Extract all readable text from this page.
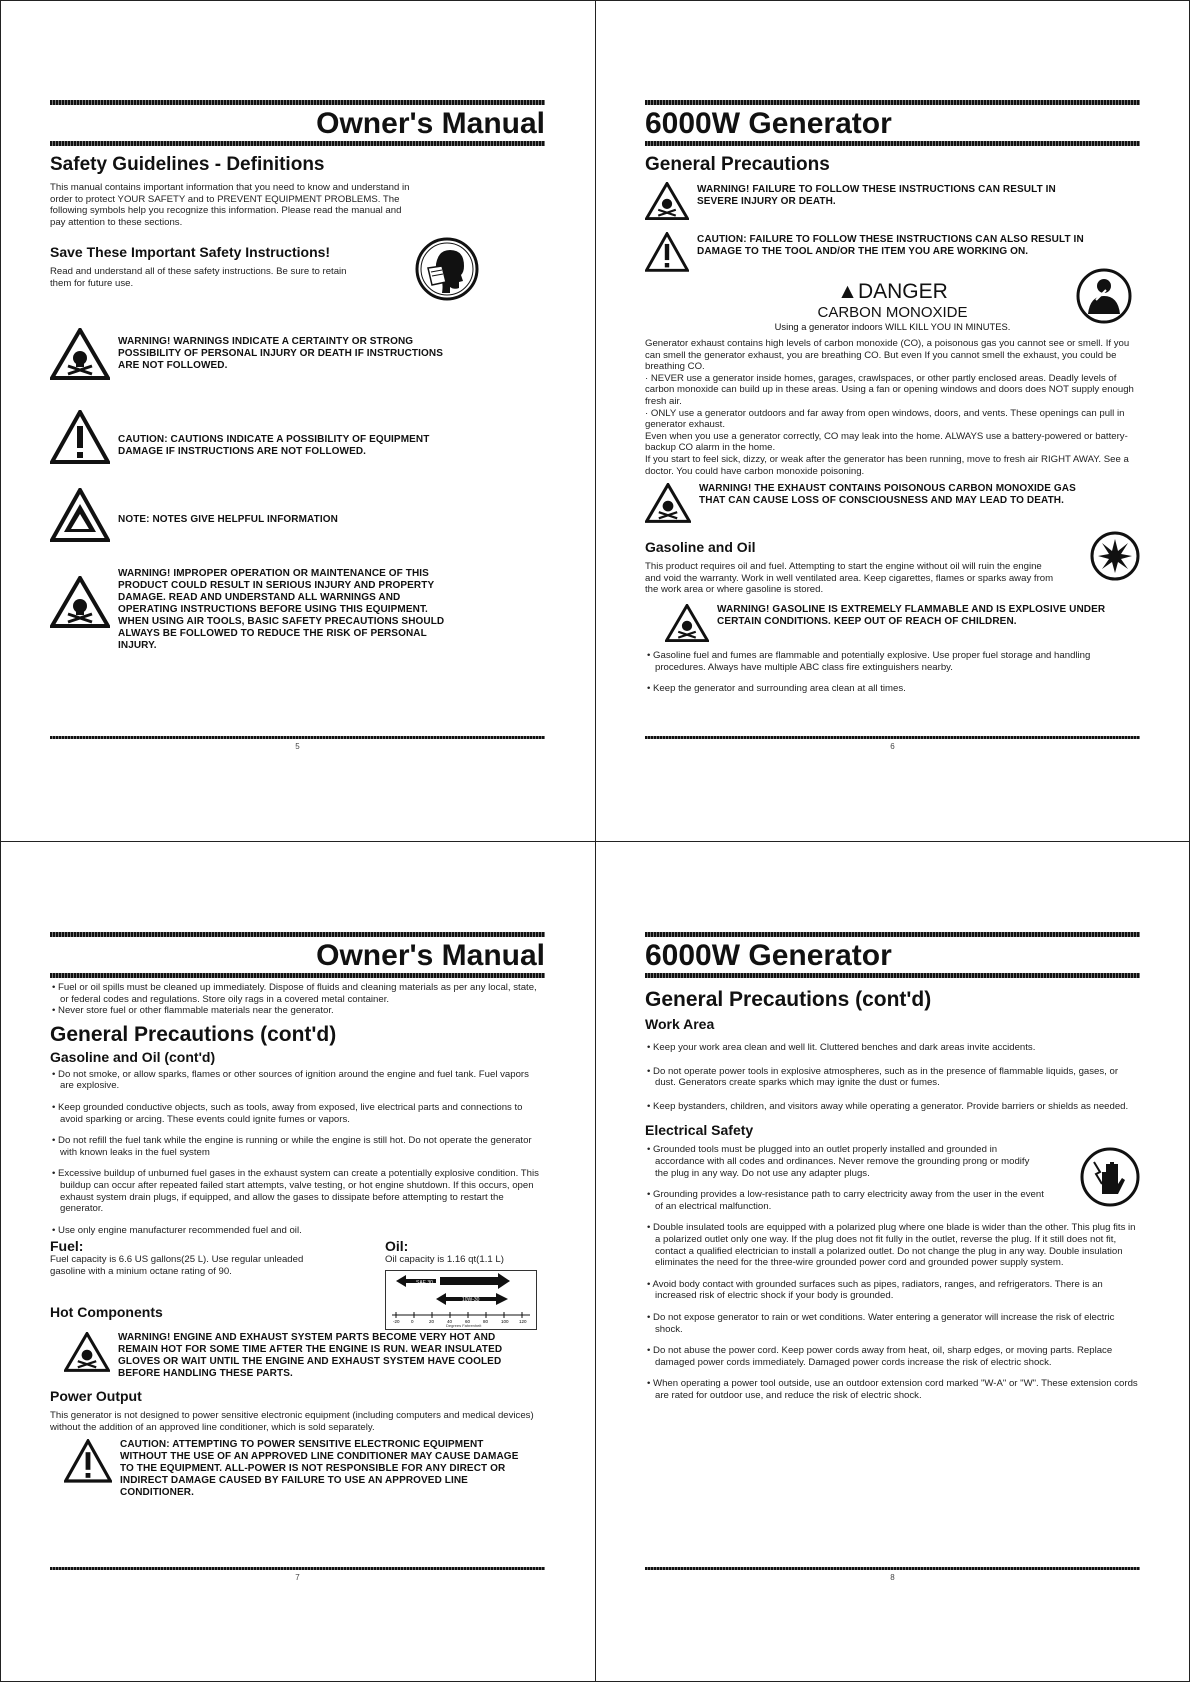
Owner's Manual
Safety Guidelines - Definitions

This manual contains important information that you need to know and understand in order to protect YOUR SAFETY and to PREVENT EQUIPMENT PROBLEMS. The following symbols help you recognize this information. Please read the manual and pay attention to these sections.

Save These Important Safety Instructions!

Read and understand all of these safety instructions. Be sure to retain them for future use.

WARNING! WARNINGS INDICATE A CERTAINTY OR STRONG POSSIBILITY OF PERSONAL INJURY OR DEATH IF INSTRUCTIONS ARE NOT FOLLOWED.
CAUTION: CAUTIONS INDICATE A POSSIBILITY OF EQUIPMENT DAMAGE IF INSTRUCTIONS ARE NOT FOLLOWED.
NOTE: NOTES GIVE HELPFUL INFORMATION
WARNING! IMPROPER OPERATION OR MAINTENANCE OF THIS PRODUCT COULD RESULT IN SERIOUS INJURY AND PROPERTY DAMAGE. READ AND UNDERSTAND ALL WARNINGS AND OPERATING INSTRUCTIONS BEFORE USING THIS EQUIPMENT. WHEN USING AIR TOOLS, BASIC SAFETY PRECAUTIONS SHOULD ALWAYS BE FOLLOWED TO REDUCE THE RISK OF PERSONAL INJURY.
5
6000W Generator
General Precautions
WARNING! FAILURE TO FOLLOW THESE INSTRUCTIONS CAN RESULT IN SEVERE INJURY OR DEATH.
CAUTION: FAILURE TO FOLLOW THESE INSTRUCTIONS CAN ALSO RESULT IN DAMAGE TO THE TOOL AND/OR THE ITEM YOU ARE WORKING ON.
▲DANGER
CARBON MONOXIDE
Using a generator indoors WILL KILL YOU IN MINUTES.

Generator exhaust contains high levels of carbon monoxide (CO), a poisonous gas you cannot see or smell. If you can smell the generator exhaust, you are breathing CO. But even If you cannot smell the exhaust, you could be breathing CO.

· NEVER use a generator inside homes, garages, crawlspaces, or other partly enclosed areas. Deadly levels of carbon monoxide can build up in these areas. Using a fan or opening windows and doors does NOT supply enough fresh air.

· ONLY use a generator outdoors and far away from open windows, doors, and vents. These openings can pull in generator exhaust.

Even when you use a generator correctly, CO may leak into the home. ALWAYS use a battery-powered or battery-backup CO alarm in the home.

If you start to feel sick, dizzy, or weak after the generator has been running, move to fresh air RIGHT AWAY. See a doctor. You could have carbon monoxide poisoning.

WARNING! THE EXHAUST CONTAINS POISONOUS CARBON MONOXIDE GAS THAT CAN CAUSE LOSS OF CONSCIOUSNESS AND MAY LEAD TO DEATH.
Gasoline and Oil

This product requires oil and fuel. Attempting to start the engine without oil will ruin the engine and void the warranty. Work in well ventilated area. Keep cigarettes, flames or sparks away from the work area or where gasoline is stored.

WARNING! GASOLINE IS EXTREMELY FLAMMABLE AND IS EXPLOSIVE UNDER CERTAIN CONDITIONS. KEEP OUT OF REACH OF CHILDREN.

• Gasoline fuel and fumes are flammable and potentially explosive. Use proper fuel storage and handling procedures. Always have multiple ABC class fire extinguishers nearby.

• Keep the generator and surrounding area clean at all times.

6
Owner's Manual

• Fuel or oil spills must be cleaned up immediately. Dispose of fluids and cleaning materials as per any local, state, or federal codes and regulations. Store oily rags in a covered metal container.

• Never store fuel or other flammable materials near the generator.

General Precautions (cont'd)
Gasoline and Oil (cont'd)

• Do not smoke, or allow sparks, flames or other sources of ignition around the engine and fuel tank. Fuel vapors are explosive.

• Keep grounded conductive objects, such as tools, away from exposed, live electrical parts and connections to avoid sparking or arcing. These events could ignite fumes or vapors.

• Do not refill the fuel tank while the engine is running or while the engine is still hot. Do not operate the generator with known leaks in the fuel system

• Excessive buildup of unburned fuel gases in the exhaust system can create a potentially explosive condition. This buildup can occur after repeated failed start attempts, valve testing, or hot engine shutdown. If this occurs, open exhaust system drain plugs, if equipped, and allow the gases to dissipate before attempting to restart the generator.

• Use only engine manufacturer recommended fuel and oil.

Fuel:

Fuel capacity is 6.6 US gallons(25 L). Use regular unleaded gasoline with a minium octane rating of 90.

Hot Components
Oil:

Oil capacity is 1.16 qt(1.1 L)

SAE 30
10W-30
-20	0	20	40	60	80	100 120
Degrees Fahrenheit
WARNING! ENGINE AND EXHAUST SYSTEM PARTS BECOME VERY HOT AND REMAIN HOT FOR SOME TIME AFTER THE ENGINE IS RUN. WEAR INSULATED GLOVES OR WAIT UNTIL THE ENGINE AND EXHAUST SYSTEM HAVE COOLED BEFORE HANDLING THESE PARTS.
Power Output

This generator is not designed to power sensitive electronic equipment (including computers and medical devices) without the addition of an approved line conditioner, which is sold separately.

CAUTION: ATTEMPTING TO POWER SENSITIVE ELECTRONIC EQUIPMENT WITHOUT THE USE OF AN APPROVED LINE CONDITIONER MAY CAUSE DAMAGE TO THE EQUIPMENT. ALL-POWER IS NOT RESPONSIBLE FOR ANY DIRECT OR INDIRECT DAMAGE CAUSED BY FAILURE TO USE AN APPROVED LINE CONDITIONER.
7
6000W Generator
General Precautions (cont'd)
Work Area

• Keep your work area clean and well lit. Cluttered benches and dark areas invite accidents.

• Do not operate power tools in explosive atmospheres, such as in the presence of flammable liquids, gases, or dust. Generators create sparks which may ignite the dust or fumes.

• Keep bystanders, children, and visitors away while operating a generator. Provide barriers or shields as needed.

Electrical Safety

• Grounded tools must be plugged into an outlet properly installed and grounded in accordance with all codes and ordinances. Never remove the grounding prong or modify the plug in any way. Do not use any adapter plugs.

• Grounding provides a low-resistance path to carry electricity away from the user in the event of an electrical malfunction.

• Double insulated tools are equipped with a polarized plug where one blade is wider than the other. This plug fits in a polarized outlet only one way. If the plug does not fit fully in the outlet, reverse the plug. If it still does not fit, contact a qualified electrician to install a polarized outlet. Do not change the plug in any way. Double insulation eliminates the need for the three-wire grounded power cord and grounded power supply system.

• Avoid body contact with grounded surfaces such as pipes, radiators, ranges, and refrigerators. There is an increased risk of electric shock if your body is grounded.

• Do not expose generator to rain or wet conditions. Water entering a generator will increase the risk of electric shock.

• Do not abuse the power cord. Keep power cords away from heat, oil, sharp edges, or moving parts. Replace damaged power cords immediately. Damaged power cords increase the risk of electric shock.

• When operating a power tool outside, use an outdoor extension cord marked "W-A" or "W". These extension cords are rated for outdoor use, and reduce the risk of electric shock.

8
